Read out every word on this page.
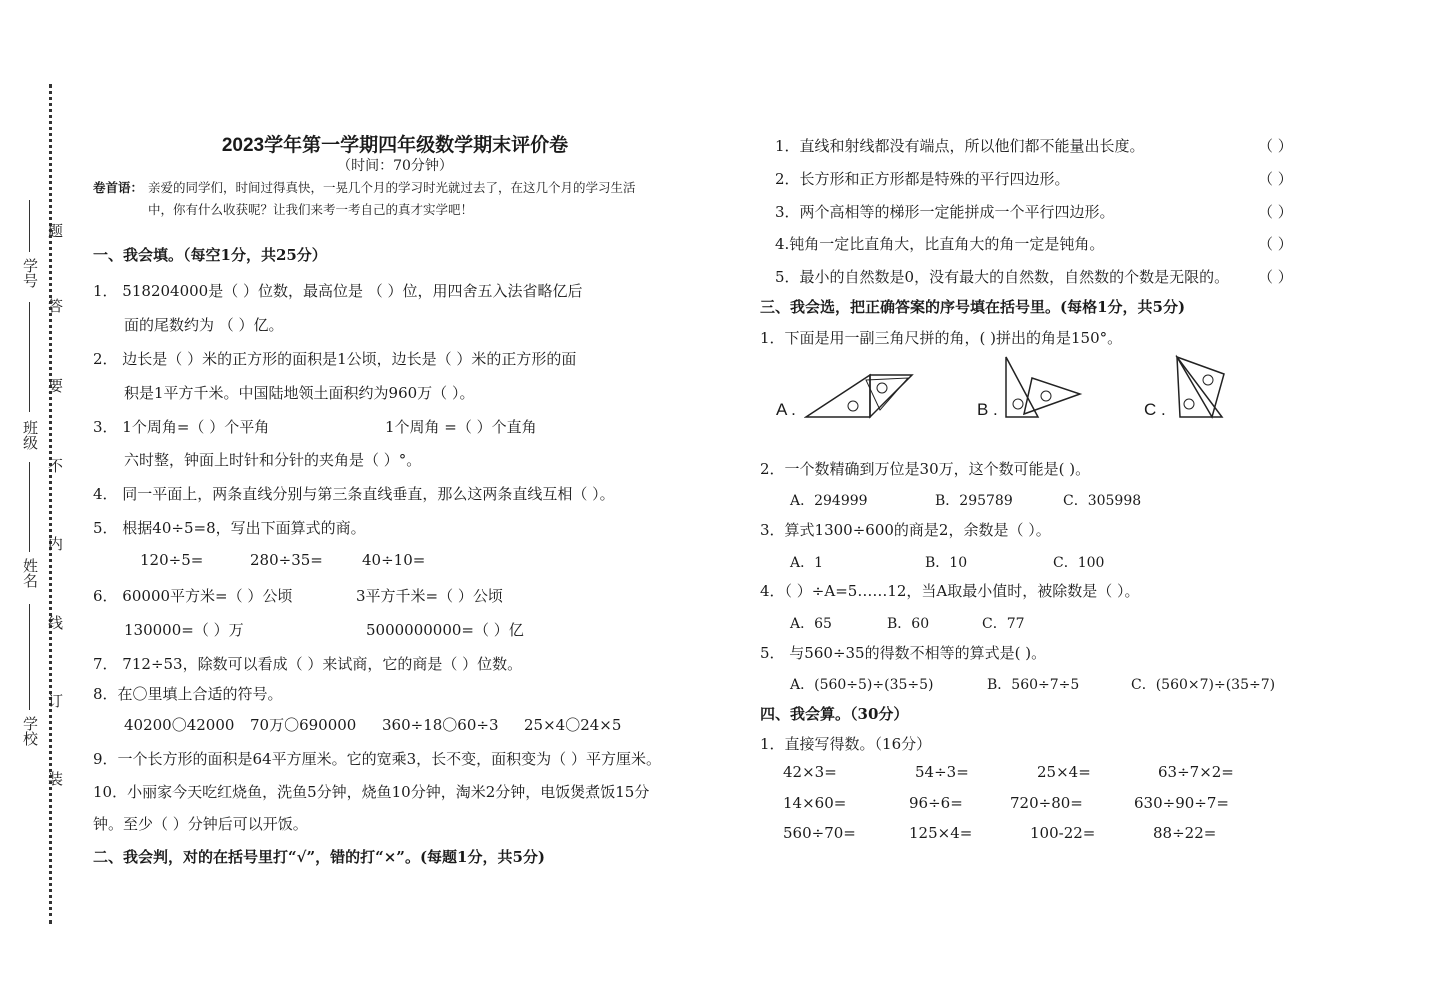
学号
班级
姓名
学校
题
答
要
不
内
线
订
装
2023学年第一学期四年级数学期末评价卷
（时间：70分钟）
卷首语： 亲爱的同学们，时间过得真快，一晃几个月的学习时光就过去了，在这几个月的学习生活
中，你有什么收获呢？让我们来考一考自己的真才实学吧！
一、我会填。（每空1分，共25分）
1． 518204000是（ ）位数，最高位是 （ ）位，用四舍五入法省略亿后
面的尾数约为 （ ）亿。
2． 边长是（ ）米的正方形的面积是1公顷，边长是（ ）米的正方形的面
积是1平方千米。中国陆地领土面积约为960万（ ）。
3． 1个周角=（ ）个平角	1个周角 =（ ）个直角
六时整，钟面上时针和分针的夹角是（ ）°。
4． 同一平面上，两条直线分别与第三条直线垂直，那么这两条直线互相（ ）。
5． 根据40÷5=8，写出下面算式的商。
120÷5=	280÷35=	40÷10=
6． 60000平方米=（ ）公顷	3平方千米=（ ）公顷
130000=（ ）万	5000000000=（ ）亿
7． 712÷53，除数可以看成（ ）来试商，它的商是（ ）位数。
8．在〇里填上合适的符号。
40200〇42000 70万〇690000 360÷18〇60÷3 25×4〇24×5
9．一个长方形的面积是64平方厘米。它的宽乘3，长不变，面积变为（ ）平方厘米。
10．小丽家今天吃红烧鱼，洗鱼5分钟，烧鱼10分钟，淘米2分钟，电饭煲煮饭15分
钟。至少（ ）分钟后可以开饭。
二、我会判，对的在括号里打“√”，错的打“×”。(每题1分，共5分)
1．直线和射线都没有端点，所以他们都不能量出长度。	（ ）
2．长方形和正方形都是特殊的平行四边形。	（ ）
3．两个高相等的梯形一定能拼成一个平行四边形。	（ ）
4.钝角一定比直角大，比直角大的角一定是钝角。	（ ）
5．最小的自然数是0，没有最大的自然数，自然数的个数是无限的。 （ ）
三、我会选，把正确答案的序号填在括号里。(每格1分，共5分)
1．下面是用一副三角尺拼的角，( )拼出的角是150°。
A .	B .	C .
2．一个数精确到万位是30万，这个数可能是( )。
A．294999	B．295789	C．305998
3．算式1300÷600的商是2，余数是（ ）。
A．1	B．10	C．100
4．（ ）÷A=5……12，当A取最小值时，被除数是（ ）。
A．65	B．60	C．77
5． 与560÷35的得数不相等的算式是( )。
A．(560÷5)÷(35÷5)	B．560÷7÷5	C．(560×7)÷(35÷7)
四、我会算。（30分）
1．直接写得数。（16分）
42×3=	54÷3=	25×4=	63÷7×2=
14×60=	96÷6=	720÷80=	630÷90÷7=
560÷70=	125×4=	100-22=	88÷22=
